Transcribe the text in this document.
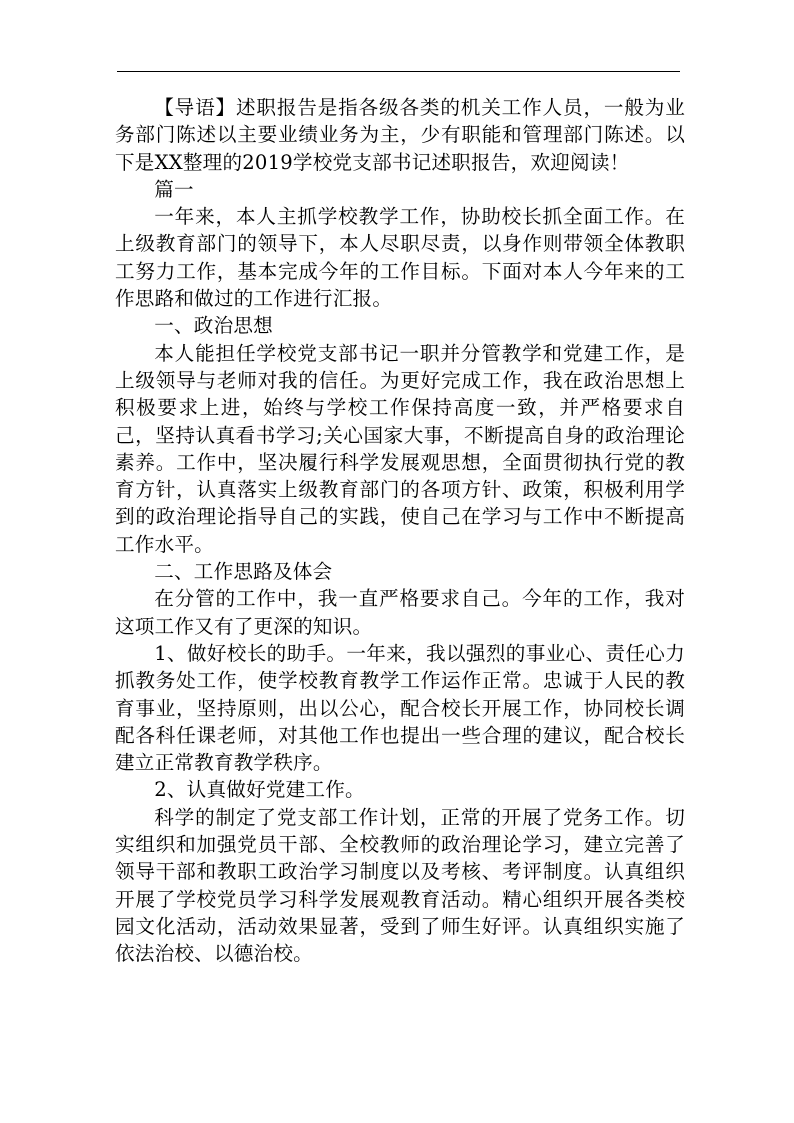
【导语】述职报告是指各级各类的机关工作人员，一般为业务部门陈述以主要业绩业务为主，少有职能和管理部门陈述。以下是XX整理的2019学校党支部书记述职报告，欢迎阅读！

篇一

一年来，本人主抓学校教学工作，协助校长抓全面工作。在上级教育部门的领导下，本人尽职尽责，以身作则带领全体教职工努力工作，基本完成今年的工作目标。下面对本人今年来的工作思路和做过的工作进行汇报。

一、政治思想

本人能担任学校党支部书记一职并分管教学和党建工作，是上级领导与老师对我的信任。为更好完成工作，我在政治思想上积极要求上进，始终与学校工作保持高度一致，并严格要求自己，坚持认真看书学习;关心国家大事，不断提高自身的政治理论素养。工作中，坚决履行科学发展观思想，全面贯彻执行党的教育方针，认真落实上级教育部门的各项方针、政策，积极利用学到的政治理论指导自己的实践，使自己在学习与工作中不断提高工作水平。

二、工作思路及体会

在分管的工作中，我一直严格要求自己。今年的工作，我对这项工作又有了更深的知识。

1、做好校长的助手。一年来，我以强烈的事业心、责任心力抓教务处工作，使学校教育教学工作运作正常。忠诚于人民的教育事业，坚持原则，出以公心，配合校长开展工作，协同校长调配各科任课老师，对其他工作也提出一些合理的建议，配合校长建立正常教育教学秩序。

2、认真做好党建工作。

科学的制定了党支部工作计划，正常的开展了党务工作。切实组织和加强党员干部、全校教师的政治理论学习，建立完善了领导干部和教职工政治学习制度以及考核、考评制度。认真组织开展了学校党员学习科学发展观教育活动。精心组织开展各类校园文化活动，活动效果显著，受到了师生好评。认真组织实施了依法治校、以德治校。
